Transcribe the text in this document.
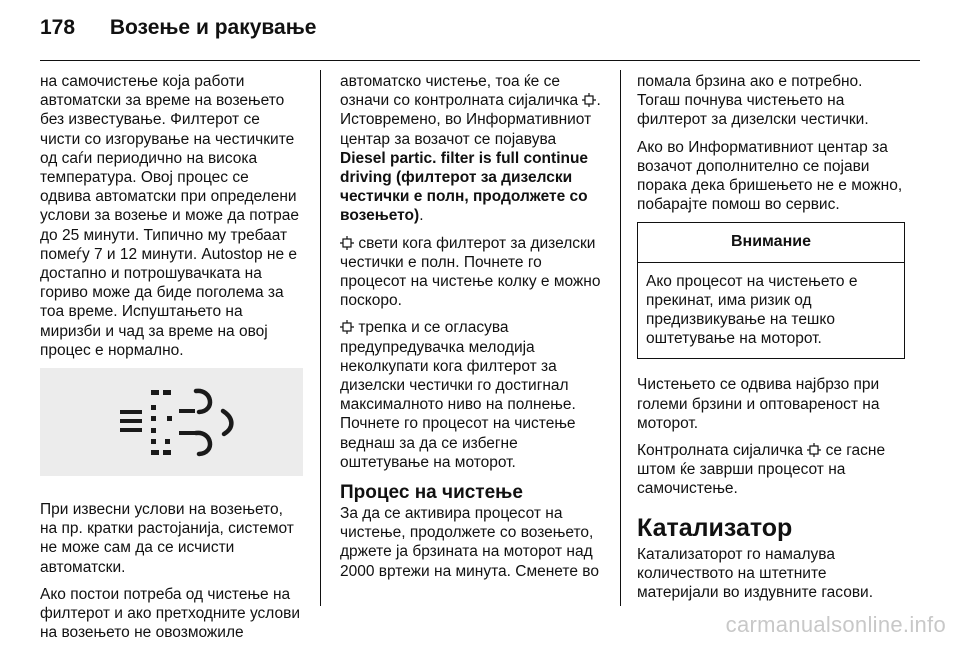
178 Возење и ракување

на самочистење која работи автоматски за време на возењето без известување. Филтерот се чисти со изгорување на честичките од саѓи периодично на висока температура. Овој процес се одвива автоматски при определени услови за возење и може да потрае до 25 минути. Типично му требаат помеѓу 7 и 12 минути. Autostop не е достапно и потрошувачката на гориво може да биде поголема за тоа време. Испуштањето на миризби и чад за време на овој процес е нормално.

При извесни услови на возењето, на пр. кратки растојанија, системот не може сам да се исчисти автоматски.

Ако постои потреба од чистење на филтерот и ако претходните услови на возењето не овозможиле

автоматско чистење, тоа ќе се означи со контролната сијаличка . Истовремено, во Информативниот центар за возачот се појавува Diesel partic. filter is full continue driving (филтерот за дизелски честички е полн, продолжете со возењето).

свети кога филтерот за дизелски честички е полн. Почнете го процесот на чистење колку е можно поскоро.

трепка и се огласува предупредувачка мелодија неколкупати кога филтерот за дизелски честички го достигнал максималното ниво на полнење. Почнете го процесот на чистење веднаш за да се избегне оштетување на моторот.

Процес на чистење

За да се активира процесот на чистење, продолжете со возењето, држете ја брзината на моторот над 2000 вртежи на минута. Сменете во

помала брзина ако е потребно. Тогаш почнува чистењето на филтерот за дизелски честички.

Ако во Информативниот центар за возачот дополнително се појави порака дека бришењето не е можно, побарајте помош во сервис.

Внимание
Ако процесот на чистењето е прекинат, има ризик од предизвикување на тешко оштетување на моторот.

Чистењето се одвива најбрзо при големи брзини и оптовареност на моторот.

Контролната сијаличка се гасне штом ќе заврши процесот на самочистење.

Катализатор

Катализаторот го намалува количеството на штетните материјали во издувните гасови.

carmanualsonline.info
